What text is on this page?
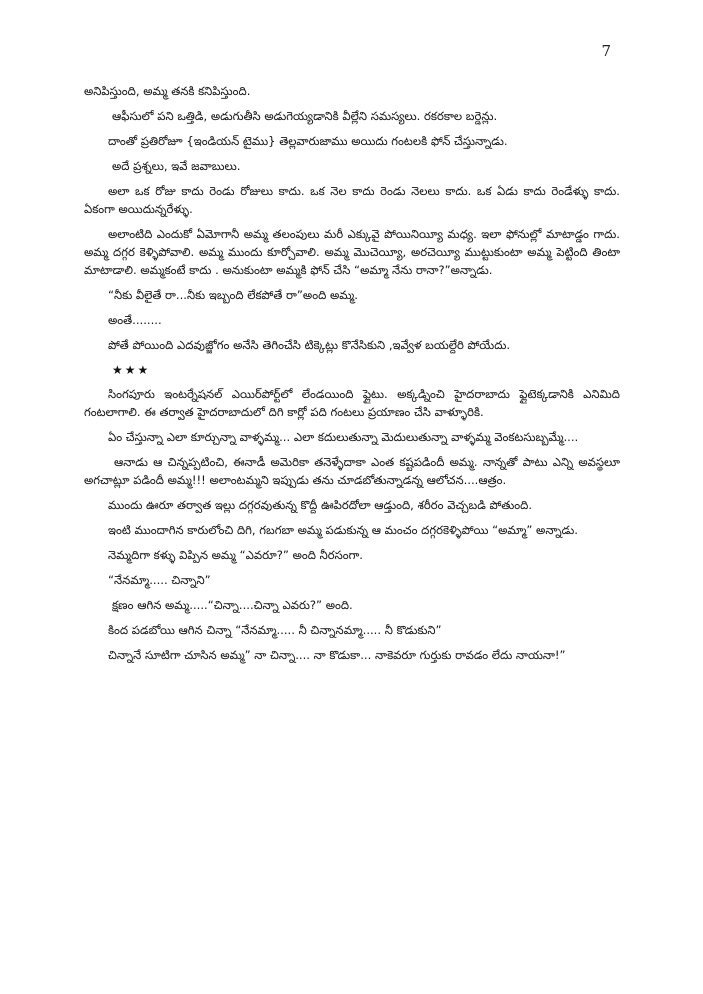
7

అనిపిస్తుంది, అమ్మ తనకి కనిపిస్తుంది.

ఆఫీసులో పని ఒత్తిడి, అడుగుతీసి అడుగెయ్యడానికి వీల్లేని సమస్యలు. రకరకాల బర్డెన్లు.

దాంతో ప్రతిరోజూ {ఇండియన్ టైము} తెల్లవారుజాము అయిదు గంటలకి ఫోన్ చేస్తున్నాడు.

అదే ప్రశ్నలు, ఇవే జవాబులు.

అలా ఒక రోజు కాదు రెండు రోజులు కాదు. ఒక నెల కాదు రెండు నెలలు కాదు. ఒక ఏడు కాదు రెండేళ్ళు కాదు. ఏకంగా అయిదున్నరేళ్ళు.

అలాంటిది ఎందుకో ఏమోగానీ అమ్మ తలంపులు మరీ ఎక్కువై పోయినియ్యీ మధ్య. ఇలా ఫోనుల్లో మాటాడ్డం గాదు. అమ్మ దగ్గర కెళ్ళిపోవాలి. అమ్మ ముందు కూర్చోవాలి. అమ్మ మొచెయ్యీ, అరచెయ్యీ ముట్టుకుంటా అమ్మ పెట్టింది తింటా మాటాడాలి. అమ్మకంటే కాదు . అనుకుంటా అమ్మకి ఫోన్ చేసి “అమ్మా నేను రానా?”అన్నాడు.

“నీకు వీలైతే రా...నీకు ఇబ్బంది లేకపోతే రా”అంది అమ్మ.

అంతే........

పోతే పోయింది ఎదవుజ్జోగం అనేసి తెగించేసి టిక్కెట్లు కొనేసికుని ,ఇవ్వేళ బయల్దేరి పోయేదు.

★★★

సింగపూరు ఇంటర్నేషనల్ ఎయిర్‌పోర్ట్‌లో లేండయింది ఫ్లైటు. అక్కడ్నించి హైదరాబాదు ఫ్లైటెక్కడానికి ఎనిమిది గంటలాగాలి. ఈ తర్వాత హైదరాబాదులో దిగి కార్లో పది గంటలు ప్రయాణం చేసి వాళ్ళూరికి.

ఏం చేస్తున్నా ఎలా కూర్చున్నా వాళ్ళమ్మ... ఎలా కదులుతున్నా మెదులుతున్నా వాళ్ళమ్మ వెంకటసుబ్బమ్మే....

ఆనాడు ఆ చిన్నప్పటించి, ఈనాడీ అమెరికా తనెళ్ళేదాకా ఎంత కష్టపడిందీ అమ్మ. నాన్నతో పాటు ఎన్ని అవస్థలూ అగచాట్లూ పడిందీ అమ్మ!!! అలాంటమ్మని ఇప్పుడు తను చూడబోతున్నాడన్న ఆలోచన....ఆత్రం.

ముందు ఊరూ తర్వాత ఇల్లు దగ్గరవుతున్న కొద్దీ ఊపిరదోలా ఆడ్తుంది, శరీరం వెచ్చబడి పోతుంది.

ఇంటి ముందాగిన కారులోంచి దిగి, గబగబా అమ్మ పడుకున్న ఆ మంచం దగ్గరకెళ్ళిపోయి “అమ్మా” అన్నాడు.

నెమ్మదిగా కళ్ళు విప్పిన అమ్మ “ఎవరూ?” అంది నీరసంగా.

“నేనమ్మా..... చిన్నాని”

క్షణం ఆగిన అమ్మ.....“చిన్నా....చిన్నా ఎవరు?” అంది.

కింద పడబోయి ఆగిన చిన్నా “నేనమ్మా..... నీ చిన్నానమ్మా..... నీ కొడుకుని”

చిన్నానే సూటిగా చూసిన అమ్మ” నా చిన్నా.... నా కొడుకా... నాకెవరూ గుర్తుకు రావడం లేదు నాయనా!”
